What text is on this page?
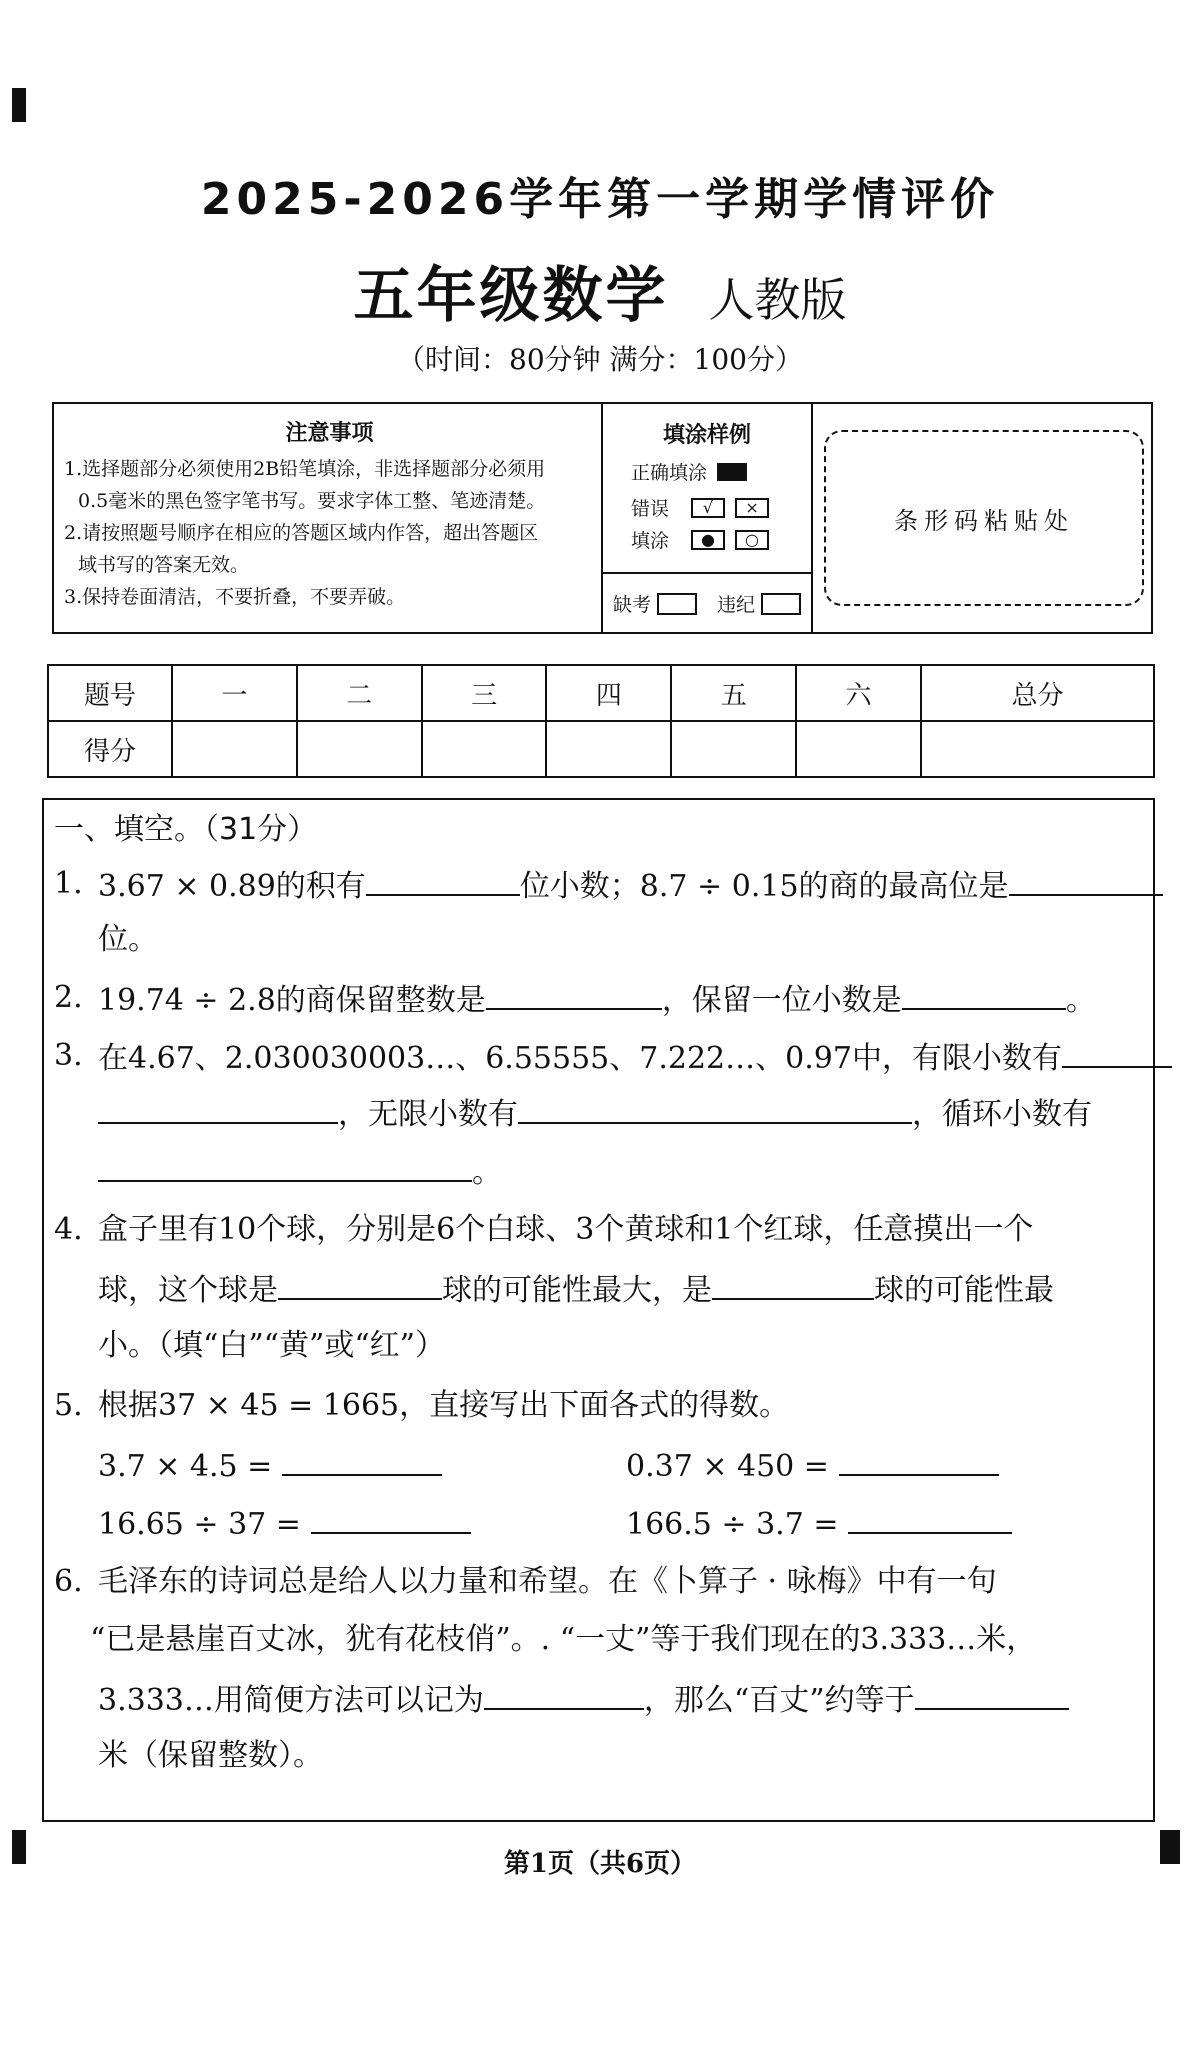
2025-2026学年第一学期学情评价
五年级数学 人教版
（时间：80分钟 满分：100分）
注意事项
1.选择题部分必须使用2B铅笔填涂，非选择题部分必须用
0.5毫米的黑色签字笔书写。要求字体工整、笔迹清楚。
2.请按照题号顺序在相应的答题区域内作答，超出答题区
域书写的答案无效。
3.保持卷面清洁，不要折叠，不要弄破。
填涂样例
正确填涂
错误	√	×
填涂	●	○
缺考	违纪
条形码粘贴处
题号	一	二	三	四	五	六	总分
得分							
一、填空。（31分）
1. 3.67 × 0.89的积有	位小数；8.7 ÷ 0.15的商的最高位是
位。
2. 19.74 ÷ 2.8的商保留整数是	，保留一位小数是	。
3. 在4.67、2.030030003…、6.55555、7.222…、0.97中，有限小数有
，无限小数有	，循环小数有
。
4. 盒子里有10个球，分别是6个白球、3个黄球和1个红球，任意摸出一个
球，这个球是	球的可能性最大，是	球的可能性最
小。（填“白”“黄”或“红”）
5. 根据37 × 45 = 1665，直接写出下面各式的得数。
3.7 × 4.5 =	0.37 × 450 =
16.65 ÷ 37 =	166.5 ÷ 3.7 =
6. 毛泽东的诗词总是给人以力量和希望。在《卜算子 · 咏梅》中有一句
“已是悬崖百丈冰，犹有花枝俏”。. “一丈”等于我们现在的3.333…米，
3.333…用简便方法可以记为	，那么“百丈”约等于
米（保留整数）。
第1页（共6页）
